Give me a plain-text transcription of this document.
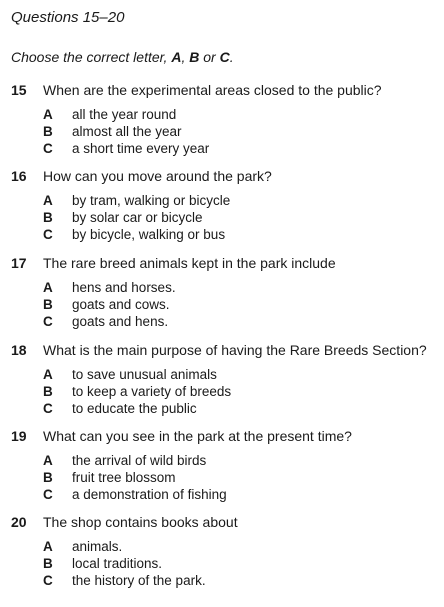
Questions 15–20
Choose the correct letter, A, B or C.
15 When are the experimental areas closed to the public?
A all the year round
B almost all the year
C a short time every year
16 How can you move around the park?
A by tram, walking or bicycle
B by solar car or bicycle
C by bicycle, walking or bus
17 The rare breed animals kept in the park include
A hens and horses.
B goats and cows.
C goats and hens.
18 What is the main purpose of having the Rare Breeds Section?
A to save unusual animals
B to keep a variety of breeds
C to educate the public
19 What can you see in the park at the present time?
A the arrival of wild birds
B fruit tree blossom
C a demonstration of fishing
20 The shop contains books about
A animals.
B local traditions.
C the history of the park.
